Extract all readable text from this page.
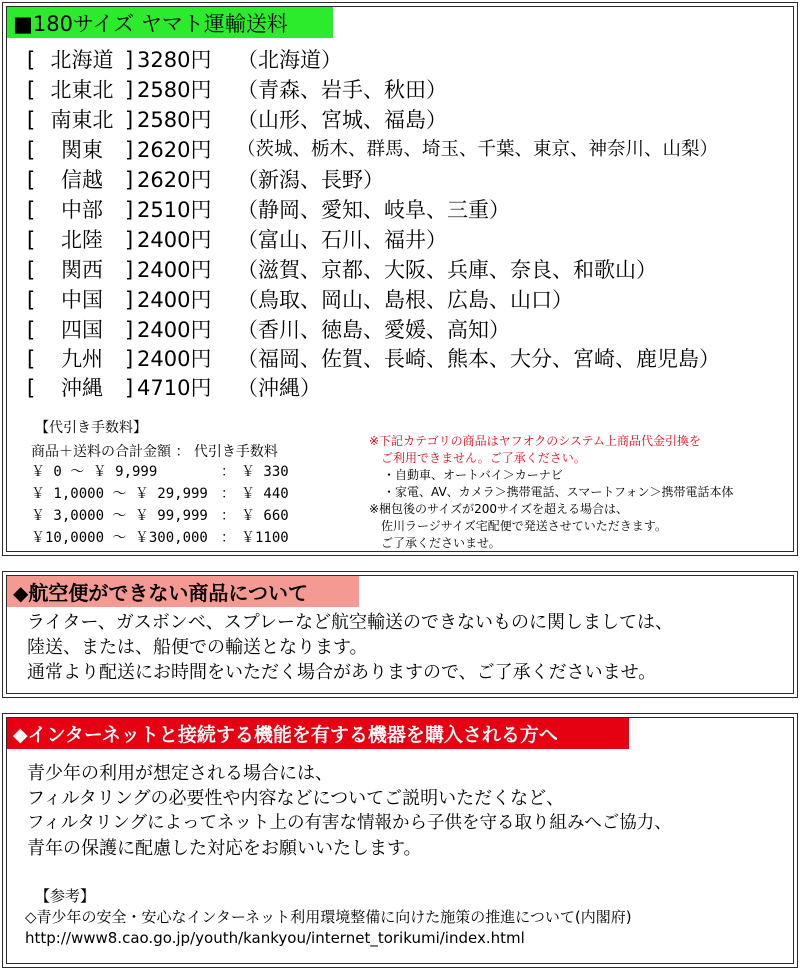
■180サイズ ヤマト運輸送料
[ 北海道 ] 3280円 （北海道）
[ 北東北 ] 2580円 （青森、岩手、秋田）
[ 南東北 ] 2580円 （山形、宮城、福島）
[	関東	] 2620円 （茨城、栃木、群馬、埼玉、千葉、東京、神奈川、山梨）
[	信越	] 2620円 （新潟、長野）
[	中部	] 2510円 （静岡、愛知、岐阜、三重）
[	北陸	] 2400円 （富山、石川、福井）
[	関西	] 2400円 （滋賀、京都、大阪、兵庫、奈良、和歌山）
[	中国	] 2400円 （鳥取、岡山、島根、広島、山口）
[	四国	] 2400円 （香川、徳島、愛媛、高知）
[	九州	] 2400円 （福岡、佐賀、長崎、熊本、大分、宮崎、鹿児島）
[	沖縄	] 4710円 （沖縄）
【代引き手数料】
商品＋送料の合計金額 ： 代引き手数料
￥ 0 ～ ￥ 9,999	： ￥ 330
￥ 1,0000 ～ ￥ 29,999 ： ￥ 440
￥ 3,0000 ～ ￥ 99,999 ： ￥ 660
￥10,0000 ～ ￥300,000 ： ￥1100
※下記カテゴリの商品はヤフオクのシステム上商品代金引換を
ご利用できません。ご了承ください。
・自動車、オートバイ＞カーナビ
・家電、AV、カメラ＞携帯電話、スマートフォン＞携帯電話本体
※梱包後のサイズが200サイズを超える場合は、
佐川ラージサイズ宅配便で発送させていただきます。
ご了承くださいませ。
◆航空便ができない商品について
ライター、ガスボンベ、スプレーなど航空輸送のできないものに関しましては、
陸送、または、船便での輸送となります。
通常より配送にお時間をいただく場合がありますので、ご了承くださいませ。
◆インターネットと接続する機能を有する機器を購入される方へ
青少年の利用が想定される場合には、
フィルタリングの必要性や内容などについてご説明いただくなど、
フィルタリングによってネット上の有害な情報から子供を守る取り組みへご協力、
青年の保護に配慮した対応をお願いいたします。
【参考】
◇青少年の安全・安心なインターネット利用環境整備に向けた施策の推進について(内閣府)
http://www8.cao.go.jp/youth/kankyou/internet_torikumi/index.html
